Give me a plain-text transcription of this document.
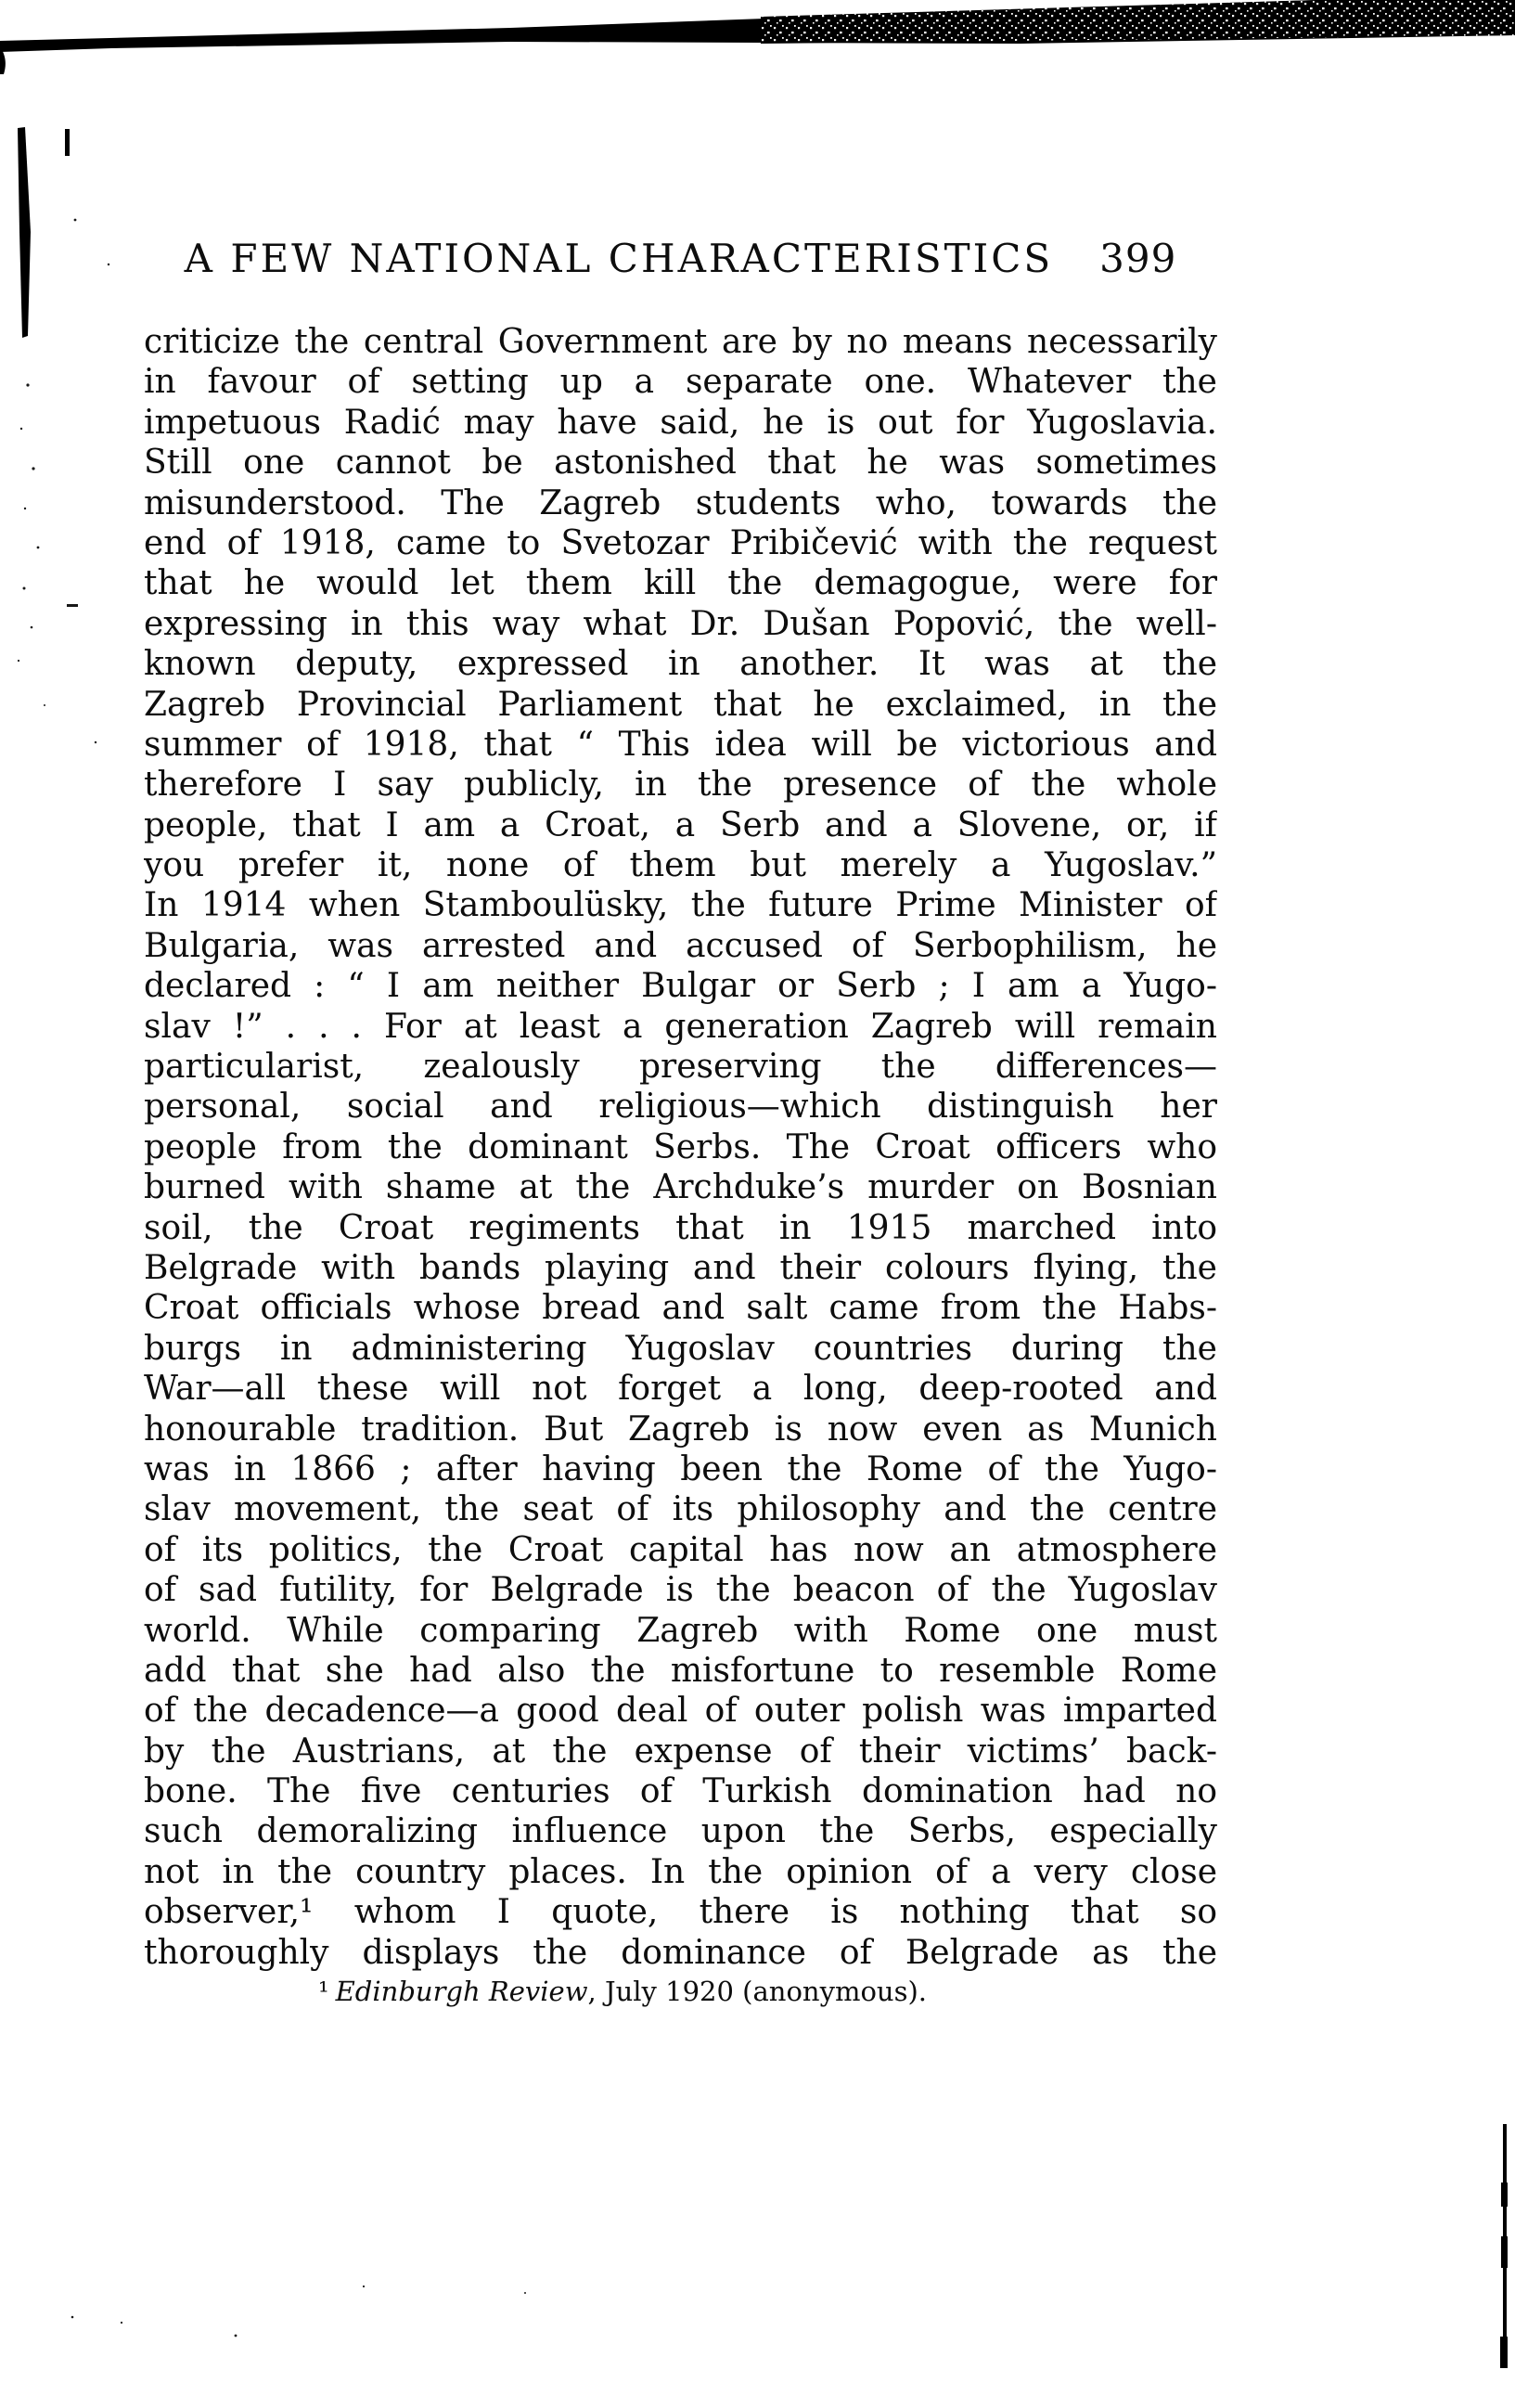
A FEW NATIONAL CHARACTERISTICS 399
criticize the central Government are by no means necessarily
in favour of setting up a separate one. Whatever the
impetuous Radić may have said, he is out for Yugoslavia.
Still one cannot be astonished that he was sometimes
misunderstood. The Zagreb students who, towards the
end of 1918, came to Svetozar Pribičević with the request
that he would let them kill the demagogue, were for
expressing in this way what Dr. Dušan Popović, the well-
known deputy, expressed in another. It was at the
Zagreb Provincial Parliament that he exclaimed, in the
summer of 1918, that “ This idea will be victorious and
therefore I say publicly, in the presence of the whole
people, that I am a Croat, a Serb and a Slovene, or, if
you prefer it, none of them but merely a Yugoslav.”
In 1914 when Stamboulüsky, the future Prime Minister of
Bulgaria, was arrested and accused of Serbophilism, he
declared : “ I am neither Bulgar or Serb ; I am a Yugo-
slav !” . . . For at least a generation Zagreb will remain
particularist, zealously preserving the differences—
personal, social and religious—which distinguish her
people from the dominant Serbs. The Croat officers who
burned with shame at the Archduke’s murder on Bosnian
soil, the Croat regiments that in 1915 marched into
Belgrade with bands playing and their colours flying, the
Croat officials whose bread and salt came from the Habs-
burgs in administering Yugoslav countries during the
War—all these will not forget a long, deep-rooted and
honourable tradition. But Zagreb is now even as Munich
was in 1866 ; after having been the Rome of the Yugo-
slav movement, the seat of its philosophy and the centre
of its politics, the Croat capital has now an atmosphere
of sad futility, for Belgrade is the beacon of the Yugoslav
world. While comparing Zagreb with Rome one must
add that she had also the misfortune to resemble Rome
of the decadence—a good deal of outer polish was imparted
by the Austrians, at the expense of their victims’ back-
bone. The five centuries of Turkish domination had no
such demoralizing influence upon the Serbs, especially
not in the country places. In the opinion of a very close
observer,¹ whom I quote, there is nothing that so
thoroughly displays the dominance of Belgrade as the
¹ Edinburgh Review, July 1920 (anonymous).
